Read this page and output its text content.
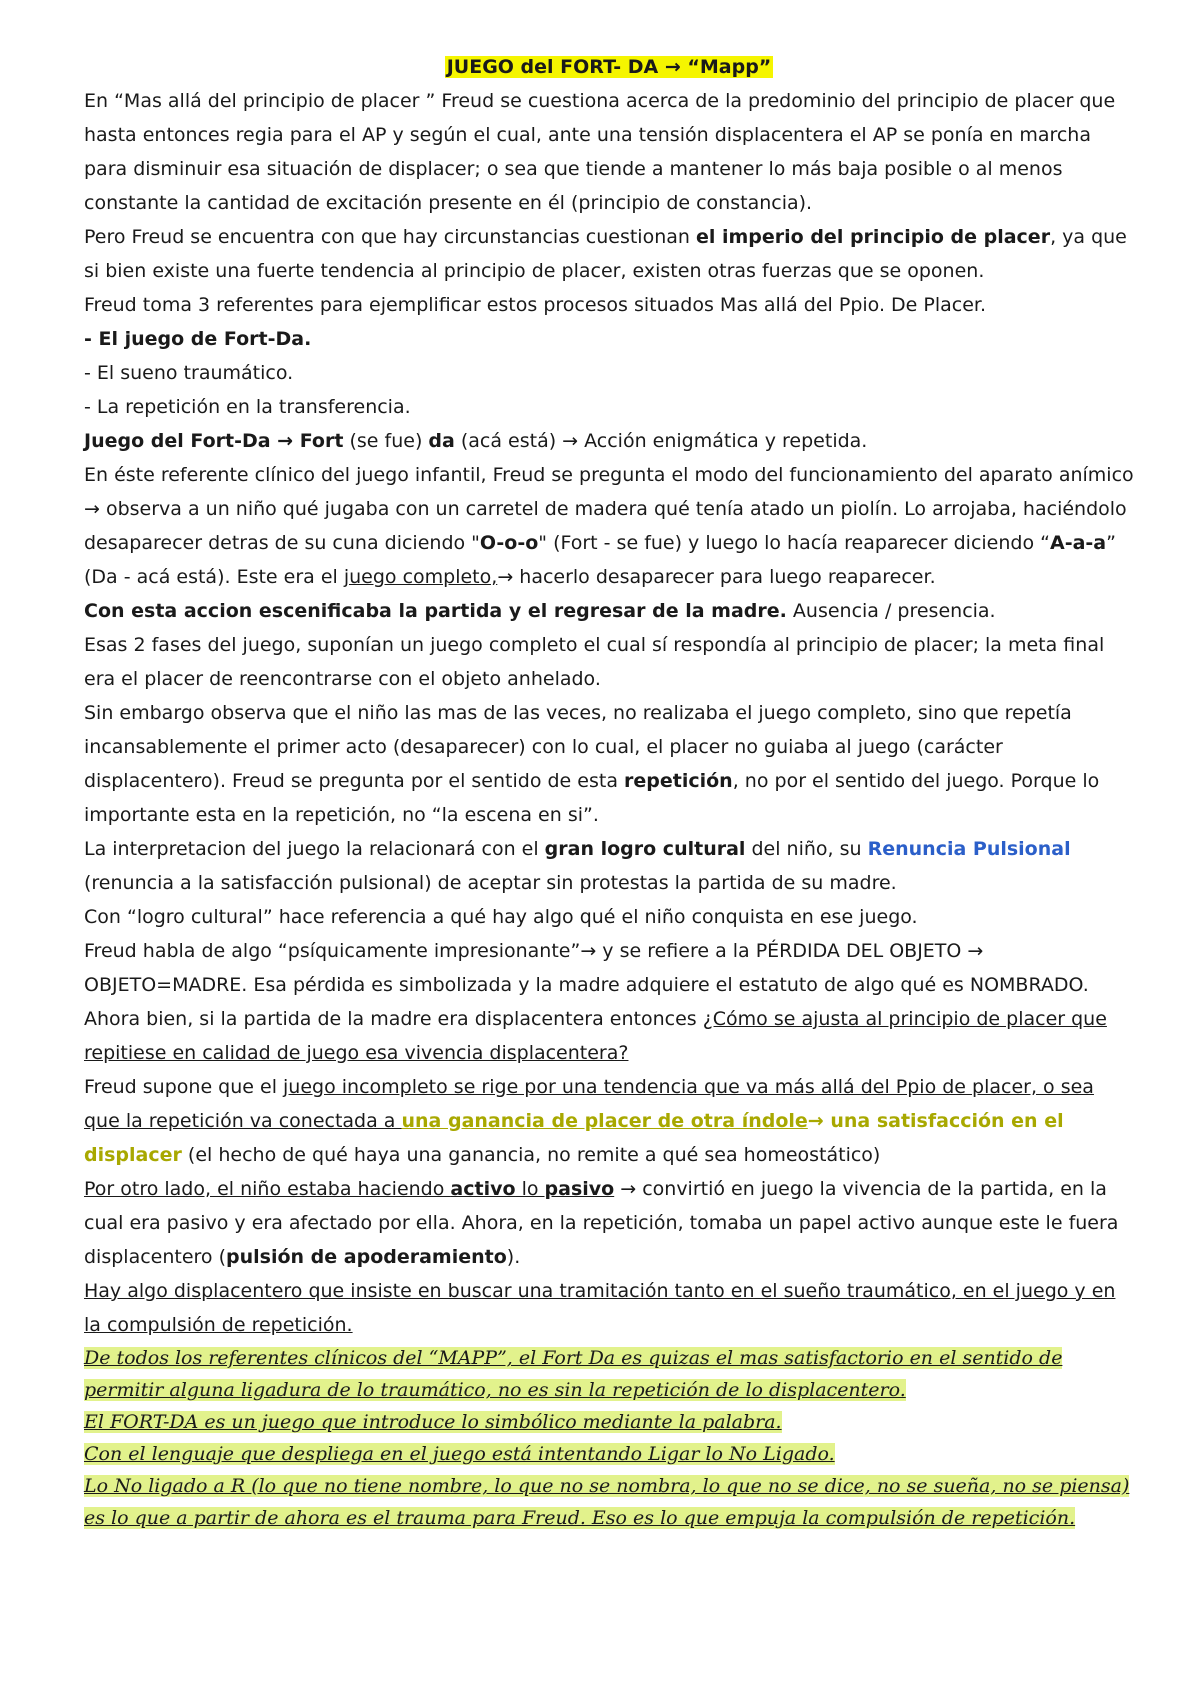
JUEGO del FORT- DA → “Mapp”

En “Mas allá del principio de placer ” Freud se cuestiona acerca de la predominio del principio de placer que hasta entonces regia para el AP y según el cual, ante una tensión displacentera el AP se ponía en marcha para disminuir esa situación de displacer; o sea que tiende a mantener lo más baja posible o al menos constante la cantidad de excitación presente en él (principio de constancia).

Pero Freud se encuentra con que hay circunstancias cuestionan el imperio del principio de placer, ya que si bien existe una fuerte tendencia al principio de placer, existen otras fuerzas que se oponen.

Freud toma 3 referentes para ejemplificar estos procesos situados Mas allá del Ppio. De Placer.

- El juego de Fort-Da.

- El sueno traumático.

- La repetición en la transferencia.

Juego del Fort-Da → Fort (se fue) da (acá está) → Acción enigmática y repetida.

En éste referente clínico del juego infantil, Freud se pregunta el modo del funcionamiento del aparato anímico → observa a un niño qué jugaba con un carretel de madera qué tenía atado un piolín. Lo arrojaba, haciéndolo desaparecer detras de su cuna diciendo "O-o-o" (Fort - se fue) y luego lo hacía reaparecer diciendo “A-a-a” (Da - acá está). Este era el juego completo,→ hacerlo desaparecer para luego reaparecer.

Con esta accion escenificaba la partida y el regresar de la madre. Ausencia / presencia.

Esas 2 fases del juego, suponían un juego completo el cual sí respondía al principio de placer; la meta final era el placer de reencontrarse con el objeto anhelado.

Sin embargo observa que el niño las mas de las veces, no realizaba el juego completo, sino que repetía incansablemente el primer acto (desaparecer) con lo cual, el placer no guiaba al juego (carácter displacentero). Freud se pregunta por el sentido de esta repetición, no por el sentido del juego. Porque lo importante esta en la repetición, no “la escena en si”.

La interpretacion del juego la relacionará con el gran logro cultural del niño, su Renuncia Pulsional (renuncia a la satisfacción pulsional) de aceptar sin protestas la partida de su madre.

Con “logro cultural” hace referencia a qué hay algo qué el niño conquista en ese juego.

Freud habla de algo “psíquicamente impresionante”→ y se refiere a la PÉRDIDA DEL OBJETO → OBJETO=MADRE. Esa pérdida es simbolizada y la madre adquiere el estatuto de algo qué es NOMBRADO.

Ahora bien, si la partida de la madre era displacentera entonces ¿Cómo se ajusta al principio de placer que repitiese en calidad de juego esa vivencia displacentera?

Freud supone que el juego incompleto se rige por una tendencia que va más allá del Ppio de placer, o sea que la repetición va conectada a una ganancia de placer de otra índole→ una satisfacción en el displacer (el hecho de qué haya una ganancia, no remite a qué sea homeostático)

Por otro lado, el niño estaba haciendo activo lo pasivo → convirtió en juego la vivencia de la partida, en la cual era pasivo y era afectado por ella. Ahora, en la repetición, tomaba un papel activo aunque este le fuera displacentero (pulsión de apoderamiento).

Hay algo displacentero que insiste en buscar una tramitación tanto en el sueño traumático, en el juego y en la compulsión de repetición.

De todos los referentes clínicos del “MAPP”, el Fort Da es quizas el mas satisfactorio en el sentido de permitir alguna ligadura de lo traumático, no es sin la repetición de lo displacentero.

El FORT-DA es un juego que introduce lo simbólico mediante la palabra.

Con el lenguaje que despliega en el juego está intentando Ligar lo No Ligado.

Lo No ligado a R (lo que no tiene nombre, lo que no se nombra, lo que no se dice, no se sueña, no se piensa) es lo que a partir de ahora es el trauma para Freud. Eso es lo que empuja la compulsión de repetición.
